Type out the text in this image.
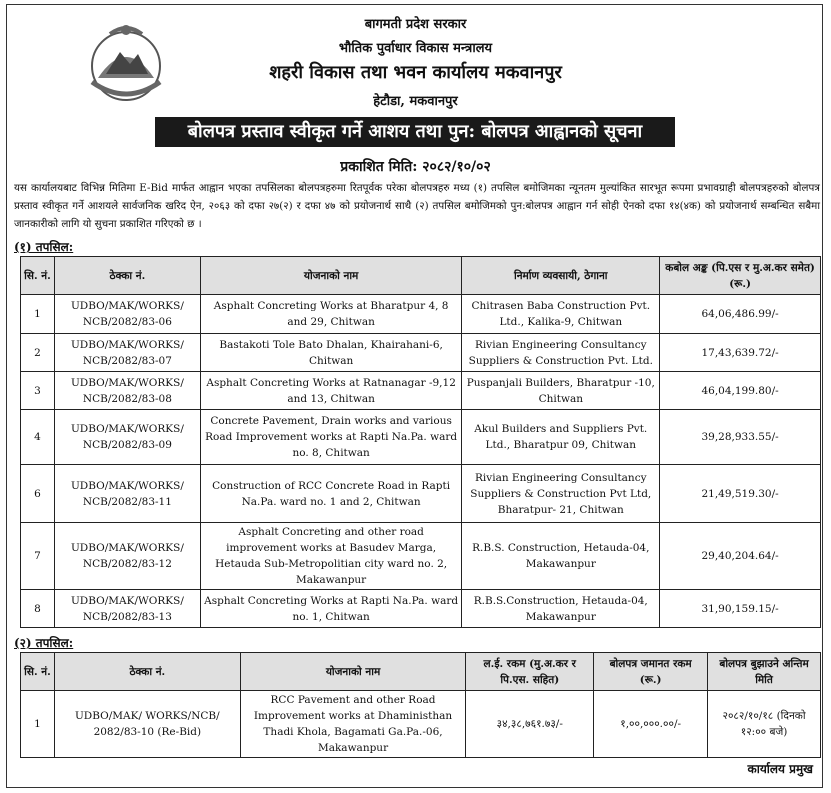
बागमती प्रदेश सरकार
भौतिक पुर्वाधार विकास मन्त्रालय
शहरी विकास तथा भवन कार्यालय मकवानपुर
हेटौडा, मकवानपुर
बोलपत्र प्रस्ताव स्वीकृत गर्ने आशय तथा पुन: बोलपत्र आह्वानको सूचना
प्रकाशित मिति: २०८२/१०/०२
यस कार्यालयबाट विभिन्न मितिमा E-Bid मार्फत आह्वान भएका तपसिलका बोलपत्रहरुमा रितपूर्वक परेका बोलपत्रहरु मध्य (१) तपसिल बमोजिमका न्यूनतम मुल्यांकित सारभूत रूपमा प्रभावग्राही बोलपत्रहरुको बोलपत्र प्रस्ताव स्वीकृत गर्ने आशयले सार्वजनिक खरिद ऐन, २०६३ को दफा २७(२) र दफा ४७ को प्रयोजनार्थ साथै (२) तपसिल बमोजिमको पुन:बोलपत्र आह्वान गर्न सोही ऐनको दफा १४(४क) को प्रयोजनार्थ सम्बन्धित सबैमा जानकारीको लागि यो सुचना प्रकाशित गरिएको छ ।
(१) तपसिल:
सि. नं.	ठेक्का नं.	योजनाको नाम	निर्माण व्यवसायी, ठेगाना	कबोल अङ्क (पि.एस र मु.अ.कर समेत) (रू.)
1	UDBO/MAK/WORKS/ NCB/2082/83-06	Asphalt Concreting Works at Bharatpur 4, 8 and 29, Chitwan	Chitrasen Baba Construction Pvt. Ltd., Kalika-9, Chitwan	64,06,486.99/-
2	UDBO/MAK/WORKS/ NCB/2082/83-07	Bastakoti Tole Bato Dhalan, Khairahani-6, Chitwan	Rivian Engineering Consultancy Suppliers & Construction Pvt. Ltd.	17,43,639.72/-
3	UDBO/MAK/WORKS/ NCB/2082/83-08	Asphalt Concreting Works at Ratnanagar -9,12 and 13, Chitwan	Puspanjali Builders, Bharatpur -10, Chitwan	46,04,199.80/-
4	UDBO/MAK/WORKS/ NCB/2082/83-09	Concrete Pavement, Drain works and various Road Improvement works at Rapti Na.Pa. ward no. 8, Chitwan	Akul Builders and Suppliers Pvt. Ltd., Bharatpur 09, Chitwan	39,28,933.55/-
6	UDBO/MAK/WORKS/ NCB/2082/83-11	Construction of RCC Concrete Road in Rapti Na.Pa. ward no. 1 and 2, Chitwan	Rivian Engineering Consultancy Suppliers & Construction Pvt Ltd, Bharatpur- 21, Chitwan	21,49,519.30/-
7	UDBO/MAK/WORKS/ NCB/2082/83-12	Asphalt Concreting and other road improvement works at Basudev Marga, Hetauda Sub-Metropolitian city ward no. 2, Makawanpur	R.B.S. Construction, Hetauda-04, Makawanpur	29,40,204.64/-
8	UDBO/MAK/WORKS/ NCB/2082/83-13	Asphalt Concreting Works at Rapti Na.Pa. ward no. 1, Chitwan	R.B.S.Construction, Hetauda-04, Makawanpur	31,90,159.15/-
(२) तपसिल:
सि. नं.	ठेक्का नं.	योजनाको नाम	ल.ई. रकम (मु.अ.कर र पि.एस. सहित)	बोलपत्र जमानत रकम (रू.)	बोलपत्र बुझाउने अन्तिम मिति
1	UDBO/MAK/ WORKS/NCB/ 2082/83-10 (Re-Bid)	RCC Pavement and other Road Improvement works at Dhaministhan Thadi Khola, Bagamati Ga.Pa.-06, Makawanpur	३४,३८,७६१.७३/-	१,००,०००.००/-	२०८२/१०/१८ (दिनको १२:०० बजे)
कार्यालय प्रमुख
